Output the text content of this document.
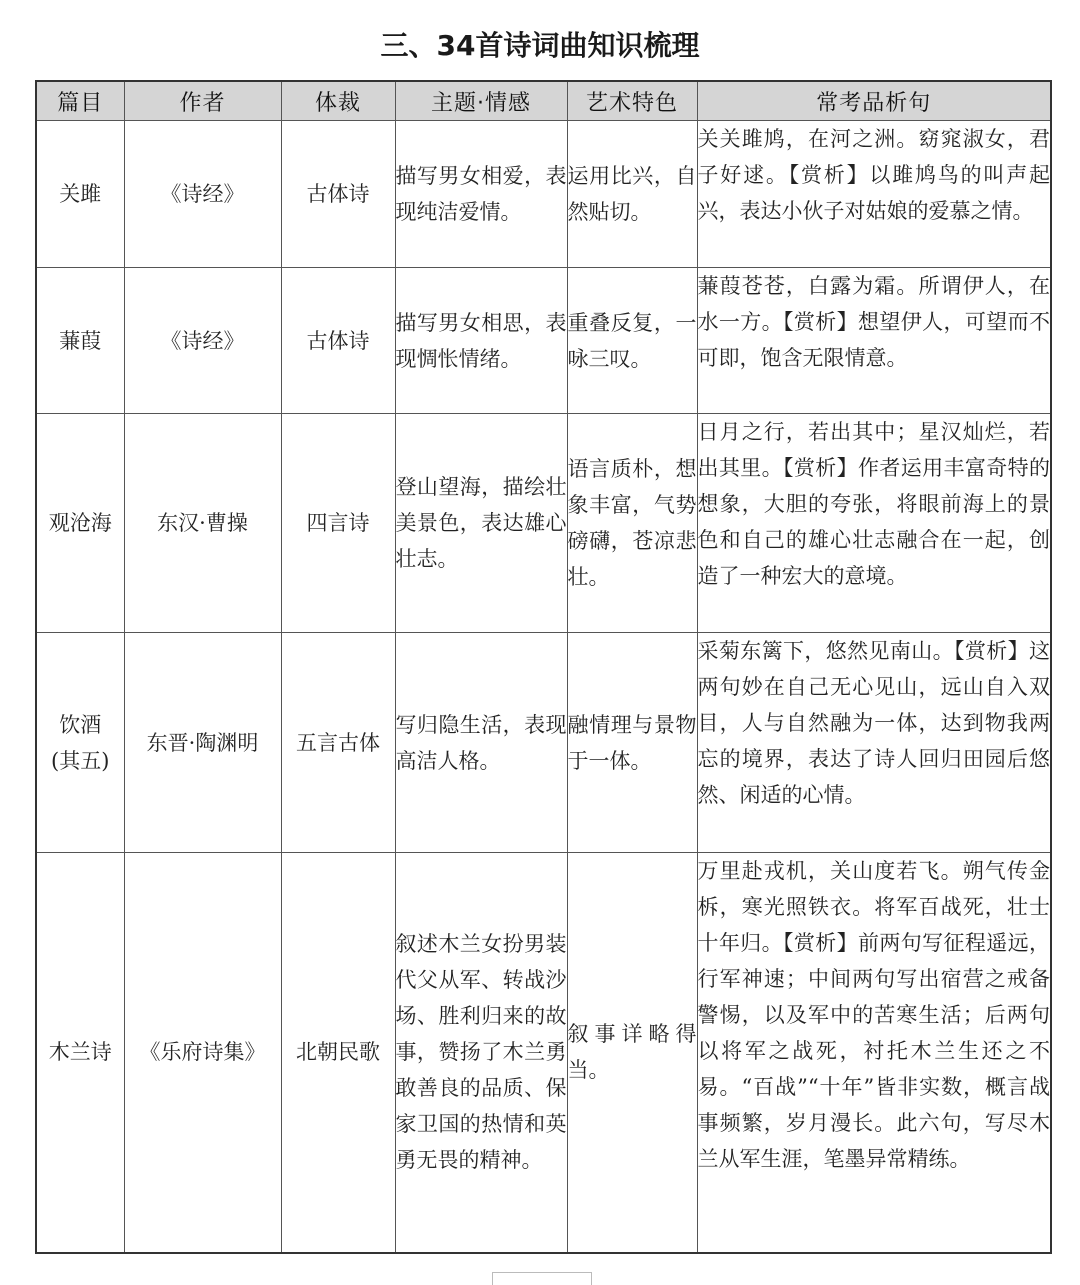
三、34首诗词曲知识梳理
篇目	作者	体裁	主题·情感	艺术特色	常考品析句
关雎	《诗经》	古体诗	描写男女相爱，表现纯洁爱情。	运用比兴，自然贴切。	关关雎鸠，在河之洲。窈窕淑女，君子好逑。【赏析】以雎鸠鸟的叫声起兴，表达小伙子对姑娘的爱慕之情。
蒹葭	《诗经》	古体诗	描写男女相思，表现惆怅情绪。	重叠反复，一咏三叹。	蒹葭苍苍，白露为霜。所谓伊人，在水一方。【赏析】想望伊人，可望而不可即，饱含无限情意。
观沧海	东汉·曹操	四言诗	登山望海，描绘壮美景色，表达雄心壮志。	语言质朴，想象丰富，气势磅礴，苍凉悲壮。	日月之行，若出其中；星汉灿烂，若出其里。【赏析】作者运用丰富奇特的想象，大胆的夸张，将眼前海上的景色和自己的雄心壮志融合在一起，创造了一种宏大的意境。
饮酒
(其五)	东晋·陶渊明	五言古体	写归隐生活，表现高洁人格。	融情理与景物于一体。	采菊东篱下，悠然见南山。【赏析】这两句妙在自己无心见山，远山自入双目，人与自然融为一体，达到物我两忘的境界，表达了诗人回归田园后悠然、闲适的心情。
木兰诗	《乐府诗集》	北朝民歌	叙述木兰女扮男装代父从军、转战沙场、胜利归来的故事，赞扬了木兰勇敢善良的品质、保家卫国的热情和英勇无畏的精神。	叙事详略得当。	万里赴戎机，关山度若飞。朔气传金柝，寒光照铁衣。将军百战死，壮士十年归。【赏析】前两句写征程遥远，行军神速；中间两句写出宿营之戒备警惕，以及军中的苦寒生活；后两句以将军之战死，衬托木兰生还之不易。“百战”“十年”皆非实数，概言战事频繁，岁月漫长。此六句，写尽木兰从军生涯，笔墨异常精练。
